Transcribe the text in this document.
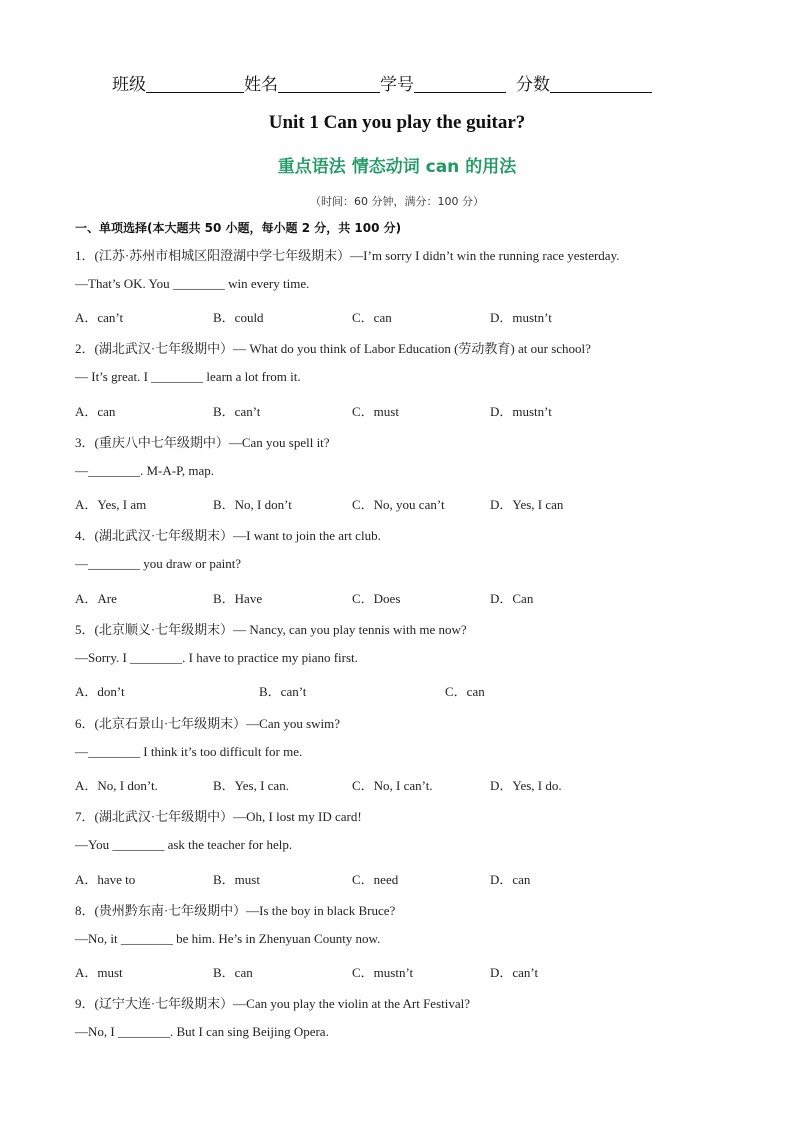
班级	姓名	学号	分数
Unit 1 Can you play the guitar?
重点语法 情态动词 can 的用法
（时间：60 分钟，满分：100 分）
一、单项选择(本大题共 50 小题，每小题 2 分，共 100 分)
1．(江苏·苏州市相城区阳澄湖中学七年级期末）—I’m sorry I didn’t win the running race yesterday.
—That’s OK. You ________ win every time.
A．can’t	B．could	C．can	D．mustn’t
2．(湖北武汉·七年级期中）— What do you think of Labor Education (劳动教育) at our school?
— It’s great. I ________ learn a lot from it.
A．can	B．can’t	C．must	D．mustn’t
3．(重庆八中七年级期中）—Can you spell it?
—________. M-A-P, map.
A．Yes, I am	B．No, I don’t	C．No, you can’t	D．Yes, I can
4．(湖北武汉·七年级期末）—I want to join the art club.
—________ you draw or paint?
A．Are	B．Have	C．Does	D．Can
5．(北京顺义·七年级期末）— Nancy, can you play tennis with me now?
—Sorry. I ________. I have to practice my piano first.
A．don’t	B．can’t	C．can
6．(北京石景山·七年级期末）—Can you swim?
—________ I think it’s too difficult for me.
A．No, I don’t.	B．Yes, I can.	C．No, I can’t.	D．Yes, I do.
7．(湖北武汉·七年级期中）—Oh, I lost my ID card!
—You ________ ask the teacher for help.
A．have to	B．must	C．need	D．can
8．(贵州黔东南·七年级期中）—Is the boy in black Bruce?
—No, it ________ be him. He’s in Zhenyuan County now.
A．must	B．can	C．mustn’t	D．can’t
9．(辽宁大连·七年级期末）—Can you play the violin at the Art Festival?
—No, I ________. But I can sing Beijing Opera.
